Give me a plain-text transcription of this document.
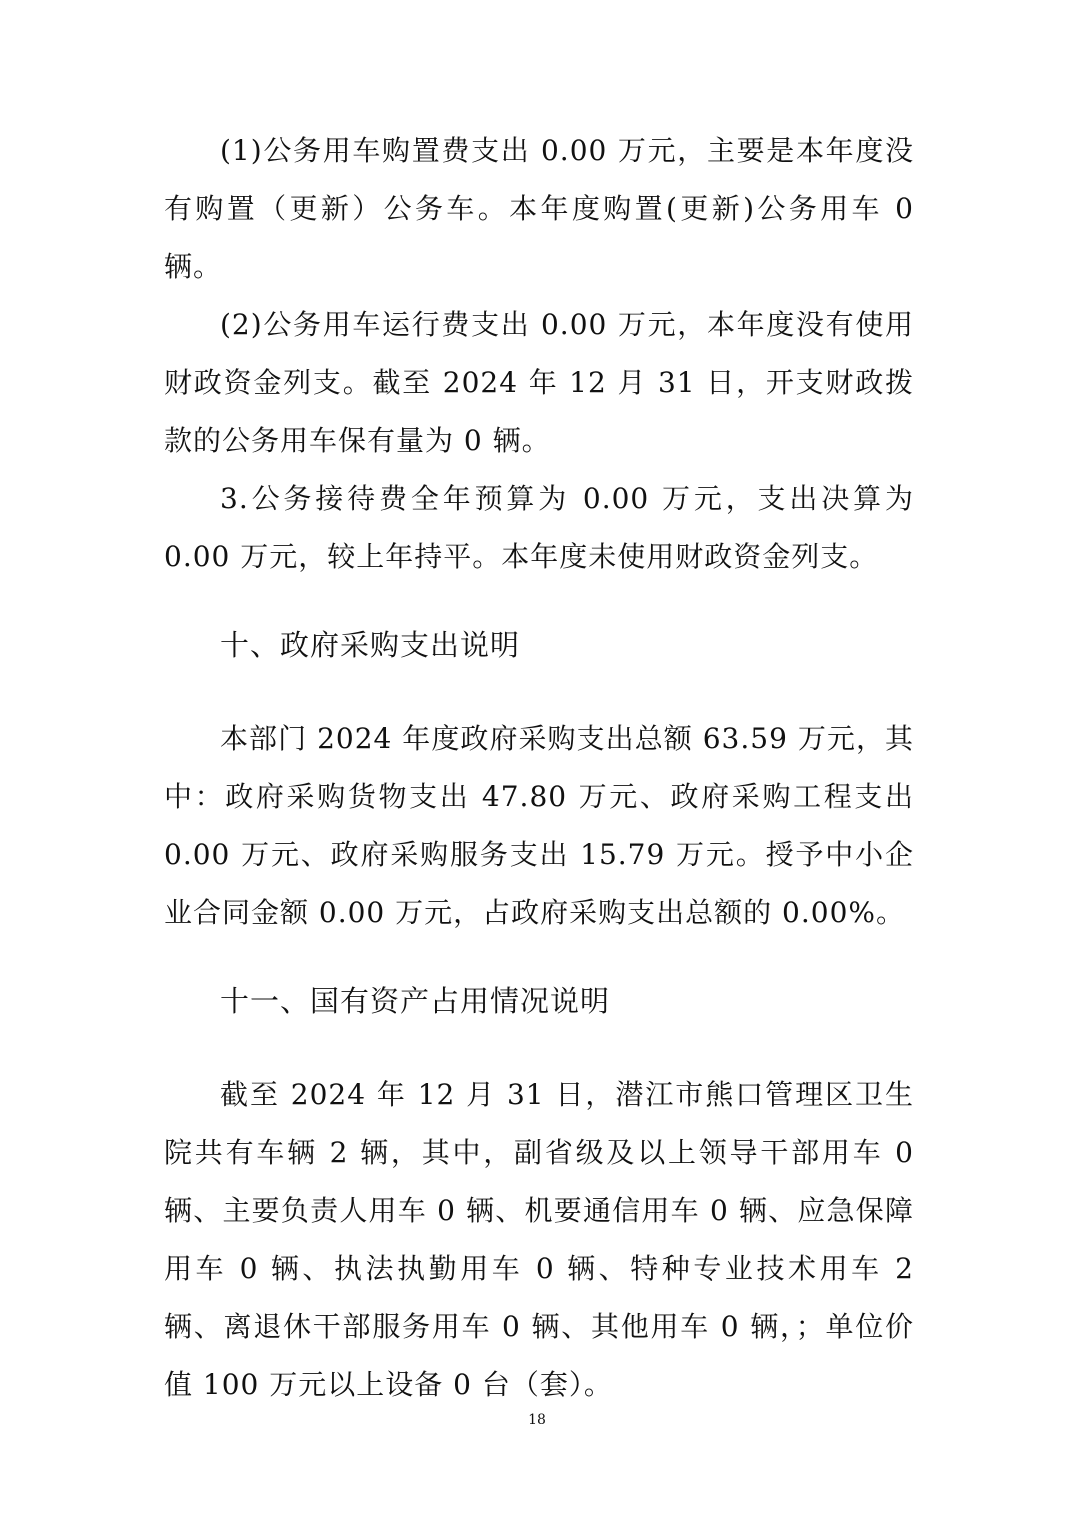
(1)公务用车购置费支出 0.00 万元，主要是本年度没有购置（更新）公务车。本年度购置(更新)公务用车 0 辆。

(2)公务用车运行费支出 0.00 万元，本年度没有使用财政资金列支。截至 2024 年 12 月 31 日，开支财政拨款的公务用车保有量为 0 辆。

3.公务接待费全年预算为 0.00 万元，支出决算为 0.00 万元，较上年持平。本年度未使用财政资金列支。

十、政府采购支出说明

本部门 2024 年度政府采购支出总额 63.59 万元，其中：政府采购货物支出 47.80 万元、政府采购工程支出 0.00 万元、政府采购服务支出 15.79 万元。授予中小企业合同金额 0.00 万元，占政府采购支出总额的 0.00%。

十一、国有资产占用情况说明

截至 2024 年 12 月 31 日，潜江市熊口管理区卫生院共有车辆 2 辆，其中，副省级及以上领导干部用车 0 辆、主要负责人用车 0 辆、机要通信用车 0 辆、应急保障用车 0 辆、执法执勤用车 0 辆、特种专业技术用车 2 辆、离退休干部服务用车 0 辆、其他用车 0 辆，；单位价值 100 万元以上设备 0 台（套）。

18
